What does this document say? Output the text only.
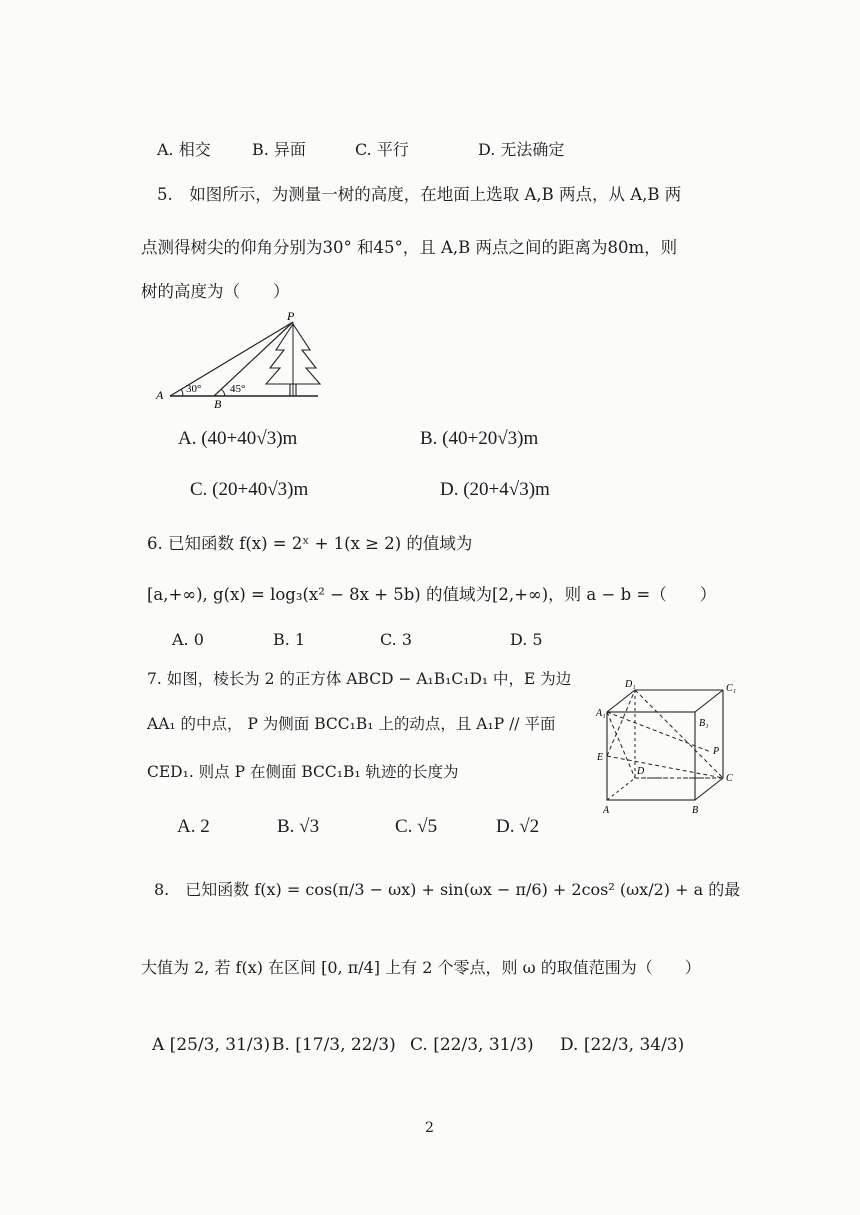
A. 相交	B. 异面	C. 平行	D. 无法确定
5.　如图所示，为测量一树的高度，在地面上选取 A,B 两点，从 A,B 两
点测得树尖的仰角分别为30° 和45°，且 A,B 两点之间的距离为80m，则
树的高度为（　　）
P
A
B
30°	45°
A. (40+40√3)m	B. (40+20√3)m
C. (20+40√3)m	D. (20+4√3)m
6. 已知函数 f(x) = 2ˣ + 1(x ≥ 2) 的值域为
[a,+∞), g(x) = log₃(x² − 8x + 5b) 的值域为[2,+∞)，则 a − b =（　　）
A. 0	B. 1	C. 3	D. 5
7. 如图，棱长为 2 的正方体 ABCD − A₁B₁C₁D₁ 中，E 为边
AA₁ 的中点， P 为侧面 BCC₁B₁ 上的动点，且 A₁P // 平面
CED₁. 则点 P 在侧面 BCC₁B₁ 轨迹的长度为
D₁	C₁
A₁
B₁
E
D
P
C
A	B
A. 2	B. √3	C. √5	D. √2
8.　已知函数 f(x) = cos(π/3 − ωx) + sin(ωx − π/6) + 2cos² (ωx/2) + a 的最
大值为 2, 若 f(x) 在区间 [0, π/4] 上有 2 个零点，则 ω 的取值范围为（　　）
A [25/3, 31/3) B. [17/3, 22/3) C. [22/3, 31/3) D. [22/3, 34/3)
2
